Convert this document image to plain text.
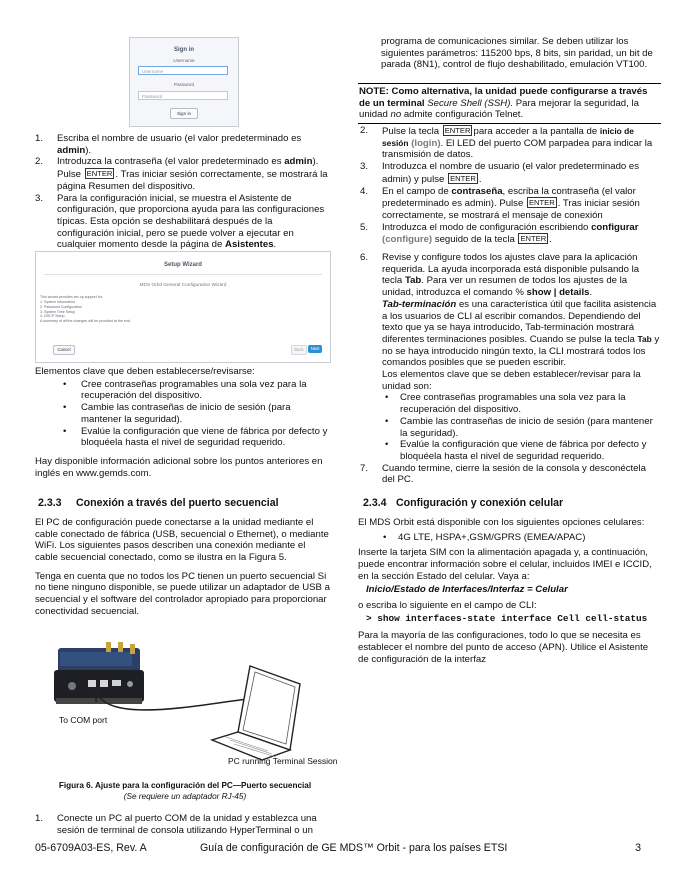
Sign in
Username
Username
Password
Password
Sign in
1. Escriba el nombre de usuario (el valor predeterminado es admin).
2. Introduzca la contraseña (el valor predeterminado es admin). Pulse ENTER . Tras iniciar sesión correctamente, se mostrará la página Resumen del dispositivo.
3. Para la configuración inicial, se muestra el Asistente de configuración, que proporciona ayuda para las configuraciones típicas. Esta opción se deshabilitará después de la configuración inicial, pero se puede volver a ejecutar en cualquier momento desde la página de Asistentes.
Setup Wizard
MDS Orbit General Configuration Wizard
This wizard provides set-up support for:
1. System Information
2. Password Configuration
3. System Time Setup
4. DHCP Setup
A summary of all the changes will be provided at the end.
Cancel	Back	Next

Elementos clave que deben establecerse/revisarse:

• Cree contraseñas programables una sola vez para la recuperación del dispositivo.
• Cambie las contraseñas de inicio de sesión (para mantener la seguridad).
• Evalúe la configuración que viene de fábrica por defecto y bloquéela hasta el nivel de seguridad requerido.

Hay disponible información adicional sobre los puntos anteriores en inglés en www.gemds.com.

2.3.3 Conexión a través del puerto secuencial

El PC de configuración puede conectarse a la unidad mediante el cable conectado de fábrica (USB, secuencial o Ethernet), o mediante WiFi. Los siguientes pasos describen una conexión mediante el cable secuencial conectado, como se ilustra en la Figura 5.

Tenga en cuenta que no todos los PC tienen un puerto secuencial Si no tiene ninguno disponible, se puede utilizar un adaptador de USB a secuencial y el software del controlador apropiado para proporcionar conectividad secuencial.

To COM port
PC running Terminal Session
Figura 6. Ajuste para la configuración del PC—Puerto secuencial
(Se requiere un adaptador RJ-45)
1. Conecte un PC al puerto COM de la unidad y establezca una sesión de terminal de consola utilizando HyperTerminal o un

programa de comunicaciones similar. Se deben utilizar los siguientes parámetros: 115200 bps, 8 bits, sin paridad, un bit de parada (8N1), control de flujo deshabilitado, emulación VT100.

NOTE: Como alternativa, la unidad puede configurarse a través de un terminal Secure Shell (SSH). Para mejorar la seguridad, la unidad no admite configuración Telnet.
2. Pulse la tecla ENTER para acceder a la pantalla de inicio de sesión (login). El LED del puerto COM parpadea para indicar la transmisión de datos.
3. Introduzca el nombre de usuario (el valor predeterminado es admin) y pulse ENTER .
4. En el campo de contraseña, escriba la contraseña (el valor predeterminado es admin). Pulse ENTER . Tras iniciar sesión correctamente, se mostrará el mensaje de conexión
5. Introduzca el modo de configuración escribiendo configurar (configure) seguido de la tecla ENTER .
6. Revise y configure todos los ajustes clave para la aplicación requerida. La ayuda incorporada está disponible pulsando la tecla Tab. Para ver un resumen de todos los ajustes de la unidad, introduzca el comando % show | details.
Tab-terminación es una característica útil que facilita asistencia a los usuarios de CLI al escribir comandos. Dependiendo del texto que ya se haya introducido, Tab-terminación mostrará diferentes terminaciones posibles. Cuando se pulse la tecla Tab y no se haya introducido ningún texto, la CLI mostrará todos los comandos posibles que se pueden escribir.
Los elementos clave que se deben establecer/revisar para la unidad son:
• Cree contraseñas programables una sola vez para la recuperación del dispositivo.
• Cambie las contraseñas de inicio de sesión (para mantener la seguridad).
• Evalúe la configuración que viene de fábrica por defecto y bloquéela hasta el nivel de seguridad requerido.
7. Cuando termine, cierre la sesión de la consola y desconéctela del PC.
2.3.4 Configuración y conexión celular

El MDS Orbit está disponible con los siguientes opciones celulares:

• 4G LTE, HSPA+,GSM/GPRS (EMEA/APAC)

Inserte la tarjeta SIM con la alimentación apagada y, a continuación, puede encontrar información sobre el celular, incluidos IMEI e ICCID, en la sección Estado del celular. Vaya a:

Inicio/Estado de Interfaces/Interfaz = Celular

o escriba lo siguiente en el campo de CLI:

> show interfaces-state interface Cell cell-status

Para la mayoría de las configuraciones, todo lo que se necesita es establecer el nombre del punto de acceso (APN). Utilice el Asistente de configuración de la interfaz

05-6709A03-ES, Rev. A	Guía de configuración de GE MDS™ Orbit - para los países ETSI	3
